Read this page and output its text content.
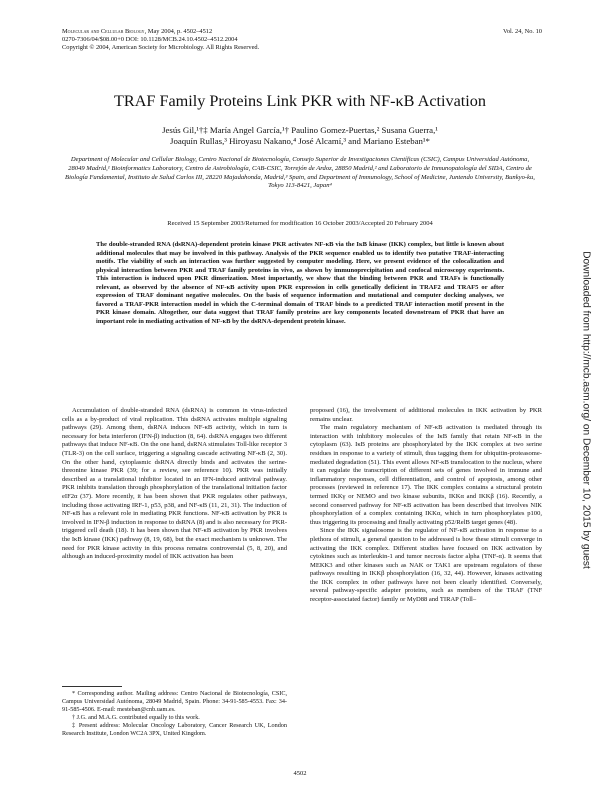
Molecular and Cellular Biology, May 2004, p. 4502–4512
0270-7306/04/$08.00+0 DOI: 10.1128/MCB.24.10.4502–4512.2004
Copyright © 2004, American Society for Microbiology. All Rights Reserved.
Vol. 24, No. 10
TRAF Family Proteins Link PKR with NF-κB Activation
Jesús Gil,¹†‡ María Angel García,¹† Paulino Gomez-Puertas,² Susana Guerra,¹
Joaquín Rullas,³ Hiroyasu Nakano,⁴ José Alcamí,³ and Mariano Esteban¹*
Department of Molecular and Cellular Biology, Centro Nacional de Biotecnología, Consejo Superior de Investigaciones Científicas (CSIC), Campus Universidad Autónoma, 28049 Madrid,¹ Bioinformatics Laboratory, Centro de Astrobiología, CAB-CSIC, Torrejón de Ardoz, 28850 Madrid,² and Laboratorio de Inmunopatología del SIDA, Centro de Biología Fundamental, Instituto de Salud Carlos III, 28220 Majadahonda, Madrid,³ Spain, and Department of Immunology, School of Medicine, Juntendo University, Bunkyo-ku, Tokyo 113-8421, Japan⁴
Received 15 September 2003/Returned for modification 16 October 2003/Accepted 20 February 2004
The double-stranded RNA (dsRNA)-dependent protein kinase PKR activates NF-κB via the IκB kinase (IKK) complex, but little is known about additional molecules that may be involved in this pathway. Analysis of the PKR sequence enabled us to identify two putative TRAF-interacting motifs. The viability of such an interaction was further suggested by computer modeling. Here, we present evidence of the colocalization and physical interaction between PKR and TRAF family proteins in vivo, as shown by immunoprecipitation and confocal microscopy experiments. This interaction is induced upon PKR dimerization. Most importantly, we show that the binding between PKR and TRAFs is functionally relevant, as observed by the absence of NF-κB activity upon PKR expression in cells genetically deficient in TRAF2 and TRAF5 or after expression of TRAF dominant negative molecules. On the basis of sequence information and mutational and computer docking analyses, we favored a TRAF-PKR interaction model in which the C-terminal domain of TRAF binds to a predicted TRAF interaction motif present in the PKR kinase domain. Altogether, our data suggest that TRAF family proteins are key components located downstream of PKR that have an important role in mediating activation of NF-κB by the dsRNA-dependent protein kinase.

Accumulation of double-stranded RNA (dsRNA) is common in virus-infected cells as a by-product of viral replication. This dsRNA activates multiple signaling pathways (29). Among them, dsRNA induces NF-κB activity, which in turn is necessary for beta interferon (IFN-β) induction (8, 64). dsRNA engages two different pathways that induce NF-κB. On the one hand, dsRNA stimulates Toll-like receptor 3 (TLR-3) on the cell surface, triggering a signaling cascade activating NF-κB (2, 30). On the other hand, cytoplasmic dsRNA directly binds and activates the serine-threonine kinase PKR (39; for a review, see reference 10). PKR was initially described as a translational inhibitor located in an IFN-induced antiviral pathway. PKR inhibits translation through phosphorylation of the translational initiation factor eIF2α (37). More recently, it has been shown that PKR regulates other pathways, including those activating IRF-1, p53, p38, and NF-κB (11, 21, 31). The induction of NF-κB has a relevant role in mediating PKR functions. NF-κB activation by PKR is involved in IFN-β induction in response to dsRNA (8) and is also necessary for PKR-triggered cell death (18). It has been shown that NF-κB activation by PKR involves the IκB kinase (IKK) pathway (8, 19, 68), but the exact mechanism is unknown. The need for PKR kinase activity in this process remains controversial (5, 8, 20), and although an induced-proximity model of IKK activation has been

proposed (16), the involvement of additional molecules in IKK activation by PKR remains unclear.

The main regulatory mechanism of NF-κB activation is mediated through its interaction with inhibitory molecules of the IκB family that retain NF-κB in the cytoplasm (63). IκB proteins are phosphorylated by the IKK complex at two serine residues in response to a variety of stimuli, thus tagging them for ubiquitin-proteasome-mediated degradation (51). This event allows NF-κB translocation to the nucleus, where it can regulate the transcription of different sets of genes involved in immune and inflammatory responses, cell differentiation, and control of apoptosis, among other processes (reviewed in reference 17). The IKK complex contains a structural protein termed IKKγ or NEMO and two kinase subunits, IKKα and IKKβ (16). Recently, a second conserved pathway for NF-κB activation has been described that involves NIK phosphorylation of a complex containing IKKα, which in turn phosphorylates p100, thus triggering its processing and finally activating p52/RelB target genes (48).

Since the IKK signalosome is the regulator of NF-κB activation in response to a plethora of stimuli, a general question to be addressed is how these stimuli converge in activating the IKK complex. Different studies have focused on IKK activation by cytokines such as interleukin-1 and tumor necrosis factor alpha (TNF-α). It seems that MEKK3 and other kinases such as NAK or TAK1 are upstream regulators of these pathways resulting in IKKβ phosphorylation (16, 32, 44). However, kinases activating the IKK complex in other pathways have not been clearly identified. Conversely, several pathway-specific adapter proteins, such as members of the TRAF (TNF receptor-associated factor) family or MyD88 and TIRAP (Toll–

* Corresponding author. Mailing address: Centro Nacional de Biotecnología, CSIC, Campus Universidad Autónoma, 28049 Madrid, Spain. Phone: 34-91-585-4553. Fax: 34-91-585-4506. E-mail: mesteban@cnb.uam.es.

† J.G. and M.A.G. contributed equally to this work.

‡ Present address: Molecular Oncology Laboratory, Cancer Research UK, London Research Institute, London WC2A 3PX, United Kingdom.

4502
Downloaded from http://mcb.asm.org/ on December 10, 2015 by guest
